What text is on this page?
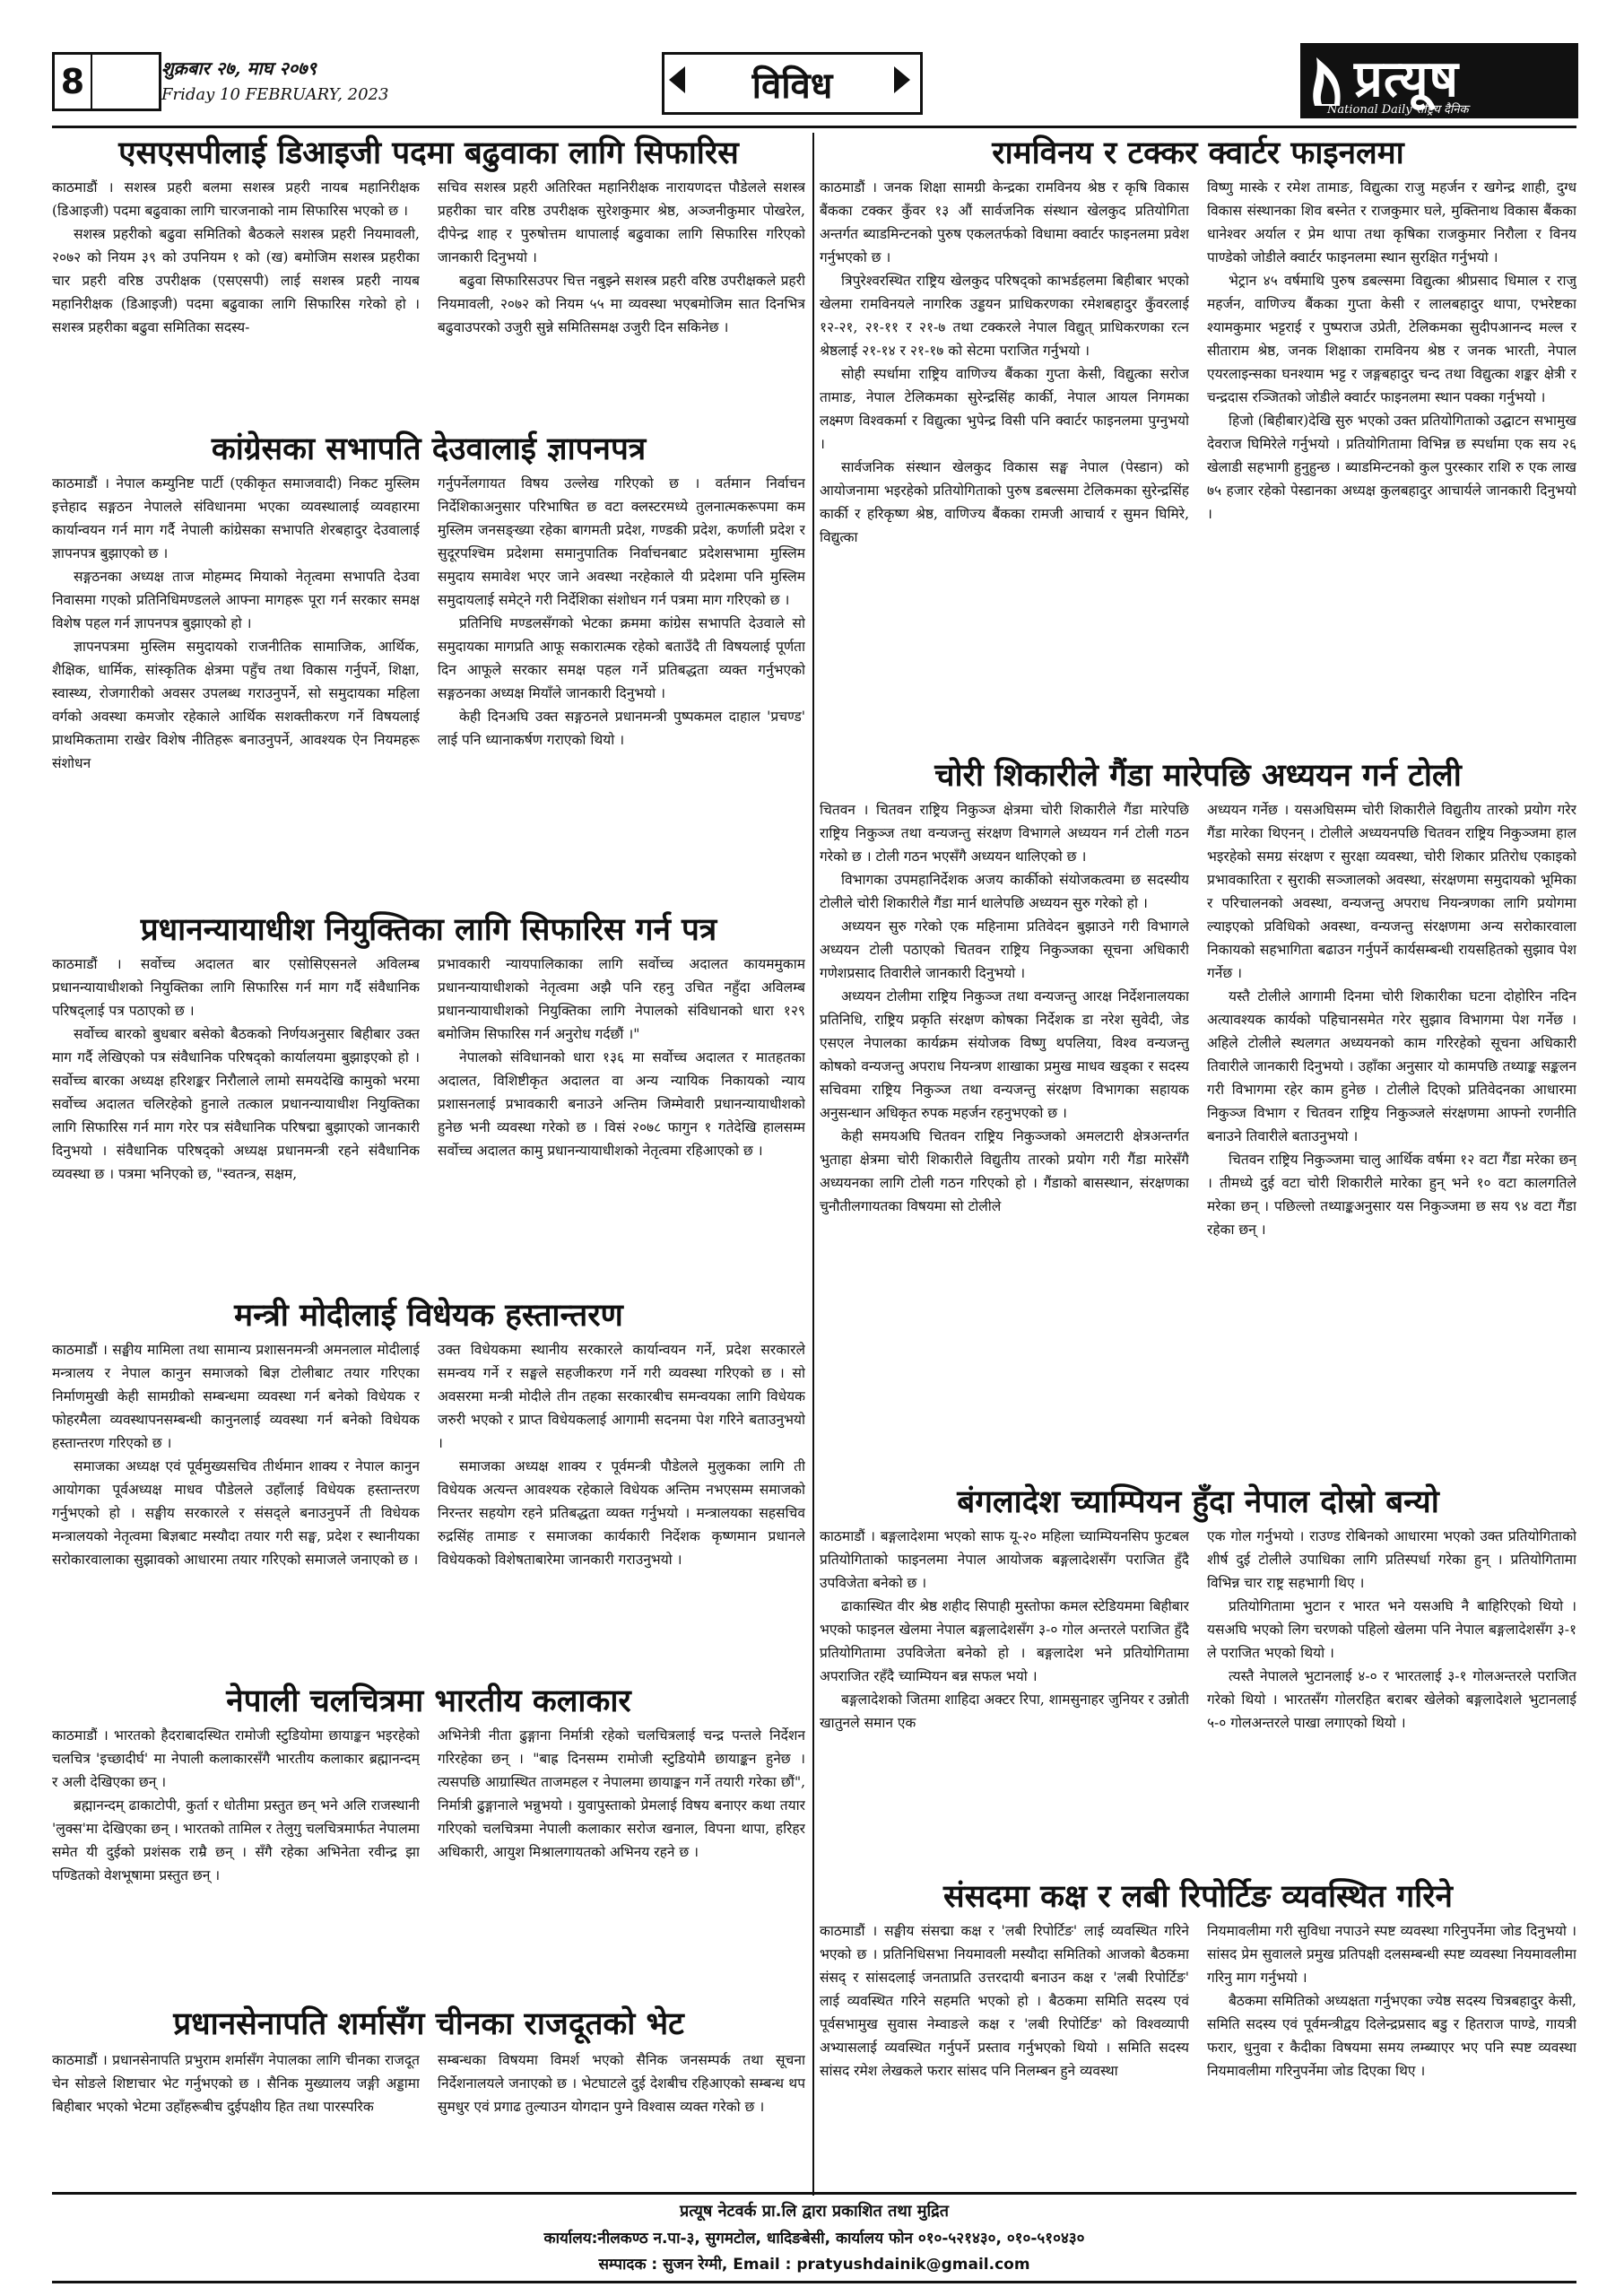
8	शुक्रबार २७, माघ २०७९
Friday 10 FEBRUARY, 2023	विविध	प्रत्यूष
National Daily राष्ट्रिय दैनिक
एसएसपीलाई डिआइजी पदमा बढुवाका लागि सिफारिस

काठमाडौं । सशस्त्र प्रहरी बलमा सशस्त्र प्रहरी नायब महानिरीक्षक (डिआइजी) पदमा बढुवाका लागि चारजनाको नाम सिफारिस भएको छ ।

सशस्त्र प्रहरीको बढुवा समितिको बैठकले सशस्त्र प्रहरी नियमावली, २०७२ को नियम ३९ को उपनियम १ को (ख) बमोजिम सशस्त्र प्रहरीका चार प्रहरी वरिष्ठ उपरीक्षक (एसएसपी) लाई सशस्त्र प्रहरी नायब महानिरीक्षक (डिआइजी) पदमा बढुवाका लागि सिफारिस गरेको हो । सशस्त्र प्रहरीका बढुवा समितिका सदस्य-

सचिव सशस्त्र प्रहरी अतिरिक्त महानिरीक्षक नारायणदत्त पौडेलले सशस्त्र प्रहरीका चार वरिष्ठ उपरीक्षक सुरेशकुमार श्रेष्ठ, अञ्जनीकुमार पोखरेल, दीपेन्द्र शाह र पुरुषोत्तम थापालाई बढुवाका लागि सिफारिस गरिएको जानकारी दिनुभयो ।

बढुवा सिफारिसउपर चित्त नबुझ्ने सशस्त्र प्रहरी वरिष्ठ उपरीक्षकले प्रहरी नियमावली, २०७२ को नियम ५५ मा व्यवस्था भएबमोजिम सात दिनभित्र बढुवाउपरको उजुरी सुन्ने समितिसमक्ष उजुरी दिन सकिनेछ ।

कांग्रेसका सभापति देउवालाई ज्ञापनपत्र

काठमाडौं । नेपाल कम्युनिष्ट पार्टी (एकीकृत समाजवादी) निकट मुस्लिम इत्तेहाद सङ्गठन नेपालले संविधानमा भएका व्यवस्थालाई व्यवहारमा कार्यान्वयन गर्न माग गर्दै नेपाली कांग्रेसका सभापति शेरबहादुर देउवालाई ज्ञापनपत्र बुझाएको छ ।

सङ्गठनका अध्यक्ष ताज मोहम्मद मियाको नेतृत्वमा सभापति देउवा निवासमा गएको प्रतिनिधिमण्डलले आफ्ना मागहरू पूरा गर्न सरकार समक्ष विशेष पहल गर्न ज्ञापनपत्र बुझाएको हो ।

ज्ञापनपत्रमा मुस्लिम समुदायको राजनीतिक सामाजिक, आर्थिक, शैक्षिक, धार्मिक, सांस्कृतिक क्षेत्रमा पहुँच तथा विकास गर्नुपर्ने, शिक्षा, स्वास्थ्य, रोजगारीको अवसर उपलब्ध गराउनुपर्ने, सो समुदायका महिला वर्गको अवस्था कमजोर रहेकाले आर्थिक सशक्तीकरण गर्ने विषयलाई प्राथमिकतामा राखेर विशेष नीतिहरू बनाउनुपर्ने, आवश्यक ऐन नियमहरू संशोधन

गर्नुपर्नेलगायत विषय उल्लेख गरिएको छ । वर्तमान निर्वाचन निर्देशिकाअनुसार परिभाषित छ वटा क्लस्टरमध्ये तुलनात्मकरूपमा कम मुस्लिम जनसङ्ख्या रहेका बागमती प्रदेश, गण्डकी प्रदेश, कर्णाली प्रदेश र सुदूरपश्चिम प्रदेशमा समानुपातिक निर्वाचनबाट प्रदेशसभामा मुस्लिम समुदाय समावेश भएर जाने अवस्था नरहेकाले यी प्रदेशमा पनि मुस्लिम समुदायलाई समेट्ने गरी निर्देशिका संशोधन गर्न पत्रमा माग गरिएको छ ।

प्रतिनिधि मण्डलसँगको भेटका क्रममा कांग्रेस सभापति देउवाले सो समुदायका मागप्रति आफू सकारात्मक रहेको बताउँदै ती विषयलाई पूर्णता दिन आफूले सरकार समक्ष पहल गर्ने प्रतिबद्धता व्यक्त गर्नुभएको सङ्गठनका अध्यक्ष मियाँले जानकारी दिनुभयो ।

केही दिनअघि उक्त सङ्गठनले प्रधानमन्त्री पुष्पकमल दाहाल 'प्रचण्ड' लाई पनि ध्यानाकर्षण गराएको थियो ।

प्रधानन्यायाधीश नियुक्तिका लागि सिफारिस गर्न पत्र

काठमाडौं । सर्वोच्च अदालत बार एसोसिएसनले अविलम्ब प्रधानन्यायाधीशको नियुक्तिका लागि सिफारिस गर्न माग गर्दै संवैधानिक परिषद्लाई पत्र पठाएको छ ।

सर्वोच्च बारको बुधबार बसेको बैठकको निर्णयअनुसार बिहीबार उक्त माग गर्दै लेखिएको पत्र संवैधानिक परिषद्को कार्यालयमा बुझाइएको हो । सर्वोच्च बारका अध्यक्ष हरिशङ्कर निरौलाले लामो समयदेखि कामुको भरमा सर्वोच्च अदालत चलिरहेको हुनाले तत्काल प्रधानन्यायाधीश नियुक्तिका लागि सिफारिस गर्न माग गरेर पत्र संवैधानिक परिषद्मा बुझाएको जानकारी दिनुभयो । संवैधानिक परिषद्को अध्यक्ष प्रधानमन्त्री रहने संवैधानिक व्यवस्था छ । पत्रमा भनिएको छ, "स्वतन्त्र, सक्षम,

प्रभावकारी न्यायपालिकाका लागि सर्वोच्च अदालत कायममुकाम प्रधानन्यायाधीशको नेतृत्वमा अझै पनि रहनु उचित नहुँदा अविलम्ब प्रधानन्यायाधीशको नियुक्तिका लागि नेपालको संविधानको धारा १२९ बमोजिम सिफारिस गर्न अनुरोध गर्दछौं ।"

नेपालको संविधानको धारा १३६ मा सर्वोच्च अदालत र मातहतका अदालत, विशिष्टीकृत अदालत वा अन्य न्यायिक निकायको न्याय प्रशासनलाई प्रभावकारी बनाउने अन्तिम जिम्मेवारी प्रधानन्यायाधीशको हुनेछ भनी व्यवस्था गरेको छ । विसं २०७८ फागुन १ गतेदेखि हालसम्म सर्वोच्च अदालत कामु प्रधानन्यायाधीशको नेतृत्वमा रहिआएको छ ।

मन्त्री मोदीलाई विधेयक हस्तान्तरण

काठमाडौं । सङ्घीय मामिला तथा सामान्य प्रशासनमन्त्री अमनलाल मोदीलाई मन्त्रालय र नेपाल कानुन समाजको बिज्ञ टोलीबाट तयार गरिएका निर्माणमुखी केही सामग्रीको सम्बन्धमा व्यवस्था गर्न बनेको विधेयक र फोहरमैला व्यवस्थापनसम्बन्धी कानुनलाई व्यवस्था गर्न बनेको विधेयक हस्तान्तरण गरिएको छ ।

समाजका अध्यक्ष एवं पूर्वमुख्यसचिव तीर्थमान शाक्य र नेपाल कानुन आयोगका पूर्वअध्यक्ष माधव पौडेलले उहाँलाई विधेयक हस्तान्तरण गर्नुभएको हो । सङ्घीय सरकारले र संसद्ले बनाउनुपर्ने ती विधेयक मन्त्रालयको नेतृत्वमा बिज्ञबाट मस्यौदा तयार गरी सङ्घ, प्रदेश र स्थानीयका सरोकारवालाका सुझावको आधारमा तयार गरिएको समाजले जनाएको छ ।

उक्त विधेयकमा स्थानीय सरकारले कार्यान्वयन गर्ने, प्रदेश सरकारले समन्वय गर्ने र सङ्घले सहजीकरण गर्ने गरी व्यवस्था गरिएको छ । सो अवसरमा मन्त्री मोदीले तीन तहका सरकारबीच समन्वयका लागि विधेयक जरुरी भएको र प्राप्त विधेयकलाई आगामी सदनमा पेश गरिने बताउनुभयो ।

समाजका अध्यक्ष शाक्य र पूर्वमन्त्री पौडेलले मुलुकका लागि ती विधेयक अत्यन्त आवश्यक रहेकाले विधेयक अन्तिम नभएसम्म समाजको निरन्तर सहयोग रहने प्रतिबद्धता व्यक्त गर्नुभयो । मन्त्रालयका सहसचिव रुद्रसिंह तामाङ र समाजका कार्यकारी निर्देशक कृष्णमान प्रधानले विधेयकको विशेषताबारेमा जानकारी गराउनुभयो ।

नेपाली चलचित्रमा भारतीय कलाकार

काठमाडौं । भारतको हैदराबादस्थित रामोजी स्टुडियोमा छायाङ्कन भइरहेको चलचित्र 'इच्छादीर्घ' मा नेपाली कलाकारसँगै भारतीय कलाकार ब्रह्मानन्दम् र अली देखिएका छन् ।

ब्रह्मानन्दम् ढाकाटोपी, कुर्ता र धोतीमा प्रस्तुत छन् भने अलि राजस्थानी 'लुक्स'मा देखिएका छन् । भारतको तामिल र तेलुगु चलचित्रमार्फत नेपालमा समेत यी दुईको प्रशंसक राम्रै छन् । सँगै रहेका अभिनेता रवीन्द्र झा पण्डितको वेशभूषामा प्रस्तुत छन् ।

अभिनेत्री नीता ढुङ्गाना निर्मात्री रहेको चलचित्रलाई चन्द्र पन्तले निर्देशन गरिरहेका छन् । "बाह्र दिनसम्म रामोजी स्टुडियोमै छायाङ्कन हुनेछ । त्यसपछि आग्रास्थित ताजमहल र नेपालमा छायाङ्कन गर्ने तयारी गरेका छौं", निर्मात्री ढुङ्गानाले भन्नुभयो । युवापुस्ताको प्रेमलाई विषय बनाएर कथा तयार गरिएको चलचित्रमा नेपाली कलाकार सरोज खनाल, विपना थापा, हरिहर अधिकारी, आयुश मिश्रालगायतको अभिनय रहने छ ।

प्रधानसेनापति शर्मासँग चीनका राजदूतको भेट

काठमाडौं । प्रधानसेनापति प्रभुराम शर्मासँग नेपालका लागि चीनका राजदूत चेन सोङले शिष्टाचार भेट गर्नुभएको छ । सैनिक मुख्यालय जङ्गी अड्डामा बिहीबार भएको भेटमा उहाँहरूबीच दुईपक्षीय हित तथा पारस्परिक

सम्बन्धका विषयमा विमर्श भएको सैनिक जनसम्पर्क तथा सूचना निर्देशनालयले जनाएको छ । भेटघाटले दुई देशबीच रहिआएको सम्बन्ध थप सुमधुर एवं प्रगाढ तुल्याउन योगदान पुग्ने विश्वास व्यक्त गरेको छ ।

रामविनय र टक्कर क्वार्टर फाइनलमा

काठमाडौं । जनक शिक्षा सामग्री केन्द्रका रामविनय श्रेष्ठ र कृषि विकास बैंकका टक्कर कुँवर १३ औं सार्वजनिक संस्थान खेलकुद प्रतियोगिता अन्तर्गत ब्याडमिन्टनको पुरुष एकलतर्फको विधामा क्वार्टर फाइनलमा प्रवेश गर्नुभएको छ ।

त्रिपुरेश्वरस्थित राष्ट्रिय खेलकुद परिषद्को काभर्डहलमा बिहीबार भएको खेलमा रामविनयले नागरिक उड्डयन प्राधिकरणका रमेशबहादुर कुँवरलाई १२-२१, २१-११ र २१-७ तथा टक्करले नेपाल विद्युत् प्राधिकरणका रत्न श्रेष्ठलाई २१-१४ र २१-१७ को सेटमा पराजित गर्नुभयो ।

सोही स्पर्धामा राष्ट्रिय वाणिज्य बैंकका गुप्ता केसी, विद्युत्का सरोज तामाङ, नेपाल टेलिकमका सुरेन्द्रसिंह कार्की, नेपाल आयल निगमका लक्ष्मण विश्वकर्मा र विद्युत्का भुपेन्द्र विसी पनि क्वार्टर फाइनलमा पुग्नुभयो ।

सार्वजनिक संस्थान खेलकुद विकास सङ्घ नेपाल (पेस्डान) को आयोजनामा भइरहेको प्रतियोगिताको पुरुष डबल्समा टेलिकमका सुरेन्द्रसिंह कार्की र हरिकृष्ण श्रेष्ठ, वाणिज्य बैंकका रामजी आचार्य र सुमन घिमिरे, विद्युत्का

विष्णु मास्के र रमेश तामाङ, विद्युत्का राजु महर्जन र खगेन्द्र शाही, दुग्ध विकास संस्थानका शिव बस्नेत र राजकुमार घले, मुक्तिनाथ विकास बैंकका धानेश्वर अर्याल र प्रेम थापा तथा कृषिका राजकुमार निरौला र विनय पाण्डेको जोडीले क्वार्टर फाइनलमा स्थान सुरक्षित गर्नुभयो ।

भेट्रान ४५ वर्षमाथि पुरुष डबल्समा विद्युत्का श्रीप्रसाद धिमाल र राजु महर्जन, वाणिज्य बैंकका गुप्ता केसी र लालबहादुर थापा, एभरेष्टका श्यामकुमार भट्टराई र पुष्पराज उप्रेती, टेलिकमका सुदीपआनन्द मल्ल र सीताराम श्रेष्ठ, जनक शिक्षाका रामविनय श्रेष्ठ र जनक भारती, नेपाल एयरलाइन्सका घनश्याम भट्ट र जङ्गबहादुर चन्द तथा विद्युत्का शङ्कर क्षेत्री र चन्द्रदास रञ्जितको जोडीले क्वार्टर फाइनलमा स्थान पक्का गर्नुभयो ।

हिजो (बिहीबार)देखि सुरु भएको उक्त प्रतियोगिताको उद्घाटन सभामुख देवराज घिमिरेले गर्नुभयो । प्रतियोगितामा विभिन्न छ स्पर्धामा एक सय २६ खेलाडी सहभागी हुनुहुन्छ । ब्याडमिन्टनको कुल पुरस्कार राशि रु एक लाख ७५ हजार रहेको पेस्डानका अध्यक्ष कुलबहादुर आचार्यले जानकारी दिनुभयो ।

चोरी शिकारीले गैंडा मारेपछि अध्ययन गर्न टोली

चितवन । चितवन राष्ट्रिय निकुञ्ज क्षेत्रमा चोरी शिकारीले गैंडा मारेपछि राष्ट्रिय निकुञ्ज तथा वन्यजन्तु संरक्षण विभागले अध्ययन गर्न टोली गठन गरेको छ । टोली गठन भएसँगै अध्ययन थालिएको छ ।

विभागका उपमहानिर्देशक अजय कार्कीको संयोजकत्वमा छ सदस्यीय टोलीले चोरी शिकारीले गैंडा मार्न थालेपछि अध्ययन सुरु गरेको हो ।

अध्ययन सुरु गरेको एक महिनामा प्रतिवेदन बुझाउने गरी विभागले अध्ययन टोली पठाएको चितवन राष्ट्रिय निकुञ्जका सूचना अधिकारी गणेशप्रसाद तिवारीले जानकारी दिनुभयो ।

अध्ययन टोलीमा राष्ट्रिय निकुञ्ज तथा वन्यजन्तु आरक्ष निर्देशनालयका प्रतिनिधि, राष्ट्रिय प्रकृति संरक्षण कोषका निर्देशक डा नरेश सुवेदी, जेड एसएल नेपालका कार्यक्रम संयोजक विष्णु थपलिया, विश्व वन्यजन्तु कोषको वन्यजन्तु अपराध नियन्त्रण शाखाका प्रमुख माधव खड्का र सदस्य सचिवमा राष्ट्रिय निकुञ्ज तथा वन्यजन्तु संरक्षण विभागका सहायक अनुसन्धान अधिकृत रुपक महर्जन रहनुभएको छ ।

केही समयअघि चितवन राष्ट्रिय निकुञ्जको अमलटारी क्षेत्रअन्तर्गत भुताहा क्षेत्रमा चोरी शिकारीले विद्युतीय तारको प्रयोग गरी गैंडा मारेसँगै अध्ययनका लागि टोली गठन गरिएको हो । गैंडाको बासस्थान, संरक्षणका चुनौतीलगायतका विषयमा सो टोलीले

अध्ययन गर्नेछ । यसअघिसम्म चोरी शिकारीले विद्युतीय तारको प्रयोग गरेर गैंडा मारेका थिएनन् । टोलीले अध्ययनपछि चितवन राष्ट्रिय निकुञ्जमा हाल भइरहेको समग्र संरक्षण र सुरक्षा व्यवस्था, चोरी शिकार प्रतिरोध एकाइको प्रभावकारिता र सुराकी सञ्जालको अवस्था, संरक्षणमा समुदायको भूमिका र परिचालनको अवस्था, वन्यजन्तु अपराध नियन्त्रणका लागि प्रयोगमा ल्याइएको प्रविधिको अवस्था, वन्यजन्तु संरक्षणमा अन्य सरोकारवाला निकायको सहभागिता बढाउन गर्नुपर्ने कार्यसम्बन्धी रायसहितको सुझाव पेश गर्नेछ ।

यस्तै टोलीले आगामी दिनमा चोरी शिकारीका घटना दोहोरिन नदिन अत्यावश्यक कार्यको पहिचानसमेत गरेर सुझाव विभागमा पेश गर्नेछ । अहिले टोलीले स्थलगत अध्ययनको काम गरिरहेको सूचना अधिकारी तिवारीले जानकारी दिनुभयो । उहाँका अनुसार यो कामपछि तथ्याङ्क सङ्कलन गरी विभागमा रहेर काम हुनेछ । टोलीले दिएको प्रतिवेदनका आधारमा निकुञ्ज विभाग र चितवन राष्ट्रिय निकुञ्जले संरक्षणमा आफ्नो रणनीति बनाउने तिवारीले बताउनुभयो ।

चितवन राष्ट्रिय निकुञ्जमा चालु आर्थिक वर्षमा १२ वटा गैंडा मरेका छन् । तीमध्ये दुई वटा चोरी शिकारीले मारेका हुन् भने १० वटा कालगतिले मरेका छन् । पछिल्लो तथ्याङ्कअनुसार यस निकुञ्जमा छ सय ९४ वटा गैंडा रहेका छन् ।

बंगलादेश च्याम्पियन हुँदा नेपाल दोस्रो बन्यो

काठमाडौं । बङ्गलादेशमा भएको साफ यू-२० महिला च्याम्पियनसिप फुटबल प्रतियोगिताको फाइनलमा नेपाल आयोजक बङ्गलादेशसँग पराजित हुँदै उपविजेता बनेको छ ।

ढाकास्थित वीर श्रेष्ठ शहीद सिपाही मुस्तोफा कमल स्टेडियममा बिहीबार भएको फाइनल खेलमा नेपाल बङ्गलादेशसँग ३-० गोल अन्तरले पराजित हुँदै प्रतियोगितामा उपविजेता बनेको हो । बङ्गलादेश भने प्रतियोगितामा अपराजित रहँदै च्याम्पियन बन्न सफल भयो ।

बङ्गलादेशको जितमा शाहिदा अक्टर रिपा, शामसुनाहर जुनियर र उन्नोती खातुनले समान एक

एक गोल गर्नुभयो । राउण्ड रोबिनको आधारमा भएको उक्त प्रतियोगिताको शीर्ष दुई टोलीले उपाधिका लागि प्रतिस्पर्धा गरेका हुन् । प्रतियोगितामा विभिन्न चार राष्ट्र सहभागी थिए ।

प्रतियोगितामा भुटान र भारत भने यसअघि नै बाहिरिएको थियो । यसअघि भएको लिग चरणको पहिलो खेलमा पनि नेपाल बङ्गलादेशसँग ३-१ ले पराजित भएको थियो ।

त्यस्तै नेपालले भुटानलाई ४-० र भारतलाई ३-१ गोलअन्तरले पराजित गरेको थियो । भारतसँग गोलरहित बराबर खेलेको बङ्गलादेशले भुटानलाई ५-० गोलअन्तरले पाखा लगाएको थियो ।

संसदमा कक्ष र लबी रिपोर्टिङ व्यवस्थित गरिने

काठमाडौं । सङ्घीय संसद्मा कक्ष र 'लबी रिपोर्टिङ' लाई व्यवस्थित गरिने भएको छ । प्रतिनिधिसभा नियमावली मस्यौदा समितिको आजको बैठकमा संसद् र सांसदलाई जनताप्रति उत्तरदायी बनाउन कक्ष र 'लबी रिपोर्टिङ' लाई व्यवस्थित गरिने सहमति भएको हो । बैठकमा समिति सदस्य एवं पूर्वसभामुख सुवास नेम्वाङले कक्ष र 'लबी रिपोर्टिङ' को विश्वव्यापी अभ्यासलाई व्यवस्थित गर्नुपर्ने प्रस्ताव गर्नुभएको थियो । समिति सदस्य सांसद रमेश लेखकले फरार सांसद पनि निलम्बन हुने व्यवस्था

नियमावलीमा गरी सुविधा नपाउने स्पष्ट व्यवस्था गरिनुपर्नेमा जोड दिनुभयो । सांसद प्रेम सुवालले प्रमुख प्रतिपक्षी दलसम्बन्धी स्पष्ट व्यवस्था नियमावलीमा गरिनु माग गर्नुभयो ।

बैठकमा समितिको अध्यक्षता गर्नुभएका ज्येष्ठ सदस्य चित्रबहादुर केसी, समिति सदस्य एवं पूर्वमन्त्रीद्वय दिलेन्द्रप्रसाद बडु र हितराज पाण्डे, गायत्री फरार, धुनुवा र कैदीका विषयमा समय लम्ब्याएर भए पनि स्पष्ट व्यवस्था नियमावलीमा गरिनुपर्नेमा जोड दिएका थिए ।

प्रत्यूष नेटवर्क प्रा.लि द्वारा प्रकाशित तथा मुद्रित
कार्यालय:नीलकण्ठ न.पा-३, सुगमटोल, धादिङबेसी, कार्यालय फोन ०१०-५२१४३०, ०१०-५१०४३०
सम्पादक : सुजन रेग्मी, Email : pratyushdainik@gmail.com
